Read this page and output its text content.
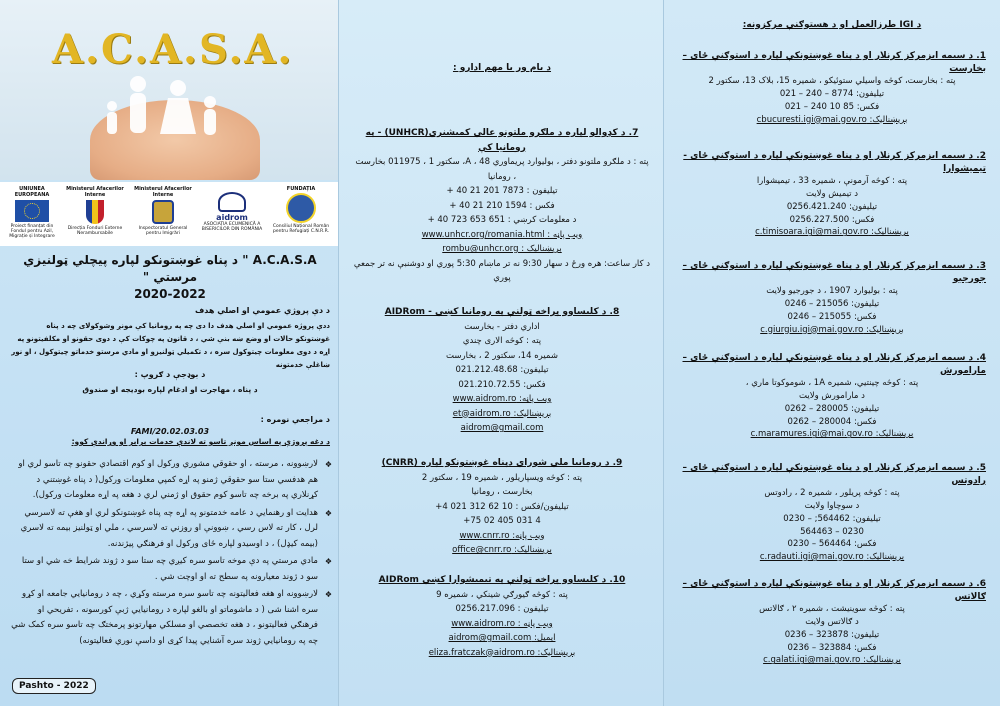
A.C.A.S.A.
UNIUNEA EUROPEANA
Proiect finanțat din Fondul pentru Azil, Migrație și Integrare
Ministerul Afacerilor Interne
Direcția Fonduri Externe Nerambursabile
Ministerul Afacerilor Interne
Inspectoratul General pentru Imigrări
aidrom
ASOCIAȚIA ECUMENICĂ A BISERICILOR DIN ROMÂNIA
FUNDAȚIA
Consiliul Național Român pentru Refugiați C.N.R.R.
A.C.A.S.A " د پناه غوښتونکو لپاره پیچلي ټولنیزي مرستي "
2020-2022
د دې پروژي عمومي او اصلي هدف
ددې پروژه عمومي او اصلي هدف دا دی چه په رومانیا کې مونږ وشوکولای چه د پناه غوښتونکو حالات او وضع ښه بنې شي ، د قانون په چوکات کې د دوی حقونو او مکلفیتونو په اړه د دوی معلومات چیتوکول سره ، د تکمیلي ټولنیزو او مادي مرستو خدماتو چیتوکول ، او نور ښاغلې خدمتونه
د بوډجې د ګروپ :
د پناه ، مهاجرت او ادغام لپاره بودیجه او صندوق
د مراجعي نومره :
FAMI/20.02.03.03
د دغه پروژې په اساس مونږ تاسو ته لاندې خدمات برابر او وړاندې کوو:
❖ لارښوونه ، مرسته ، او حقوقي مشوري ورکول او کوم اقتصادي حقونو چه تاسو لري او هم هدفسي ستا سو حقوقي ژمنو په اړه کمپي معلومات ورکول( د پناه غوښتني د کړنلاري په برخه چه تاسو کوم حقوق او ژمني لري د هغه په اړه معلومات ورکول).
❖ هدایت او رهنمایي د عامه خدمتونو په اړه چه پناه غوښتونکو لري او هغې ته لاسرسي لرل ، کار ته لاس رسي ، ښوونې او روزني ته لاسرسي ، ملي او ټولنیز بیمه ته لاسري (بیمه کیډل) ، د اوسیدو لپاره ځای ورکول او فرهنګي پیژندنه.
❖ مادي مرستي په دې موخه تاسو سره کیږي چه ستا سو د ژوند شرایط خه شي او ستا سو د ژوند معیارونه په سطح ته او اوچت شي .
❖ لارښوونه او هغه فعالیتونه چه تاسو سره مرسته وکړي ، چه د رومانیایي جامعه او کړو سره اشنا شی ( د ماشوماتو او بالغو لپاره د رومانیایي ژبې کورسونه ، تفریحي او فرهنګي فعالیتونو ، د هغه تخصصي او مسلکي مهارتونو پرمختګ چه تاسو سره کمک شي چه په رومانیایي ژوند سره آشنایي پیدا کړی او داسې نوري فعالیتونه)
Pashto - 2022
د یام ور یا مهم ادارو :
7. د کډوالو لپاره د ملګرو ملتونو عالي کمیشنري(UNHCR) - په رومانیا کې
پته : د ملګرو ملتونو دفتر ، بولیوارد پریماوري 48 ، A، سکتور 1 ، 011975 بخارست ، رومانیا
تیلیفون : 7873 201 21 40 +
فکس : 1594 210 21 40 +
د معلومات کرښي : 651 653 723 40 +
ویب پاڼه : www.unhcr.org/romania.html
بریښنالیک : rombu@unhcr.org
د کار ساعت: هره ورځ د سهار 9:30 نه تر ماښام 5:30 پوري او دوشنبې نه تر جمعې پوري
8. د کلیساوو پراخه ټولنې په رومانیا کښي - AIDRom
اداري دفتر - بخارست
پته : کوڅه الاری چندي
شمیره 14، سکتور 2 ، بخارست
تیلیفون: 021.212.48.68
فکس: 021.210.72.55
ویب پاڼه: www.aidrom.ro
بریښنالیک: et@aidrom.ro
aidrom@gmail.com
9. د رومانیا ملي شوراي دپناه غوښتونکو لپاره (CNRR)
پته : کوڅه ویسپاریلور ، شمیره 19 ، سکتور 2
بخارست ، رومانیا
تیلیفون/فکس : 10 62 312 021 4+
4 031 405 02 75+
ویب پاڼه: www.cnrr.ro
بریښنالیک: office@cnrr.ro
10. د کلیساوو پراخه ټولنې په تیمیشوارا کښي AIDRom
پته : کوڅه ګیورګي شینکي ، شمیره 9
تیلیفون : 0256.217.096
ویب پاڼه : www.aidrom.ro
ایمیل: aidrom@gmail.com
بریښنالیک: eliza.fratczak@aidrom.ro
د IGI طرزالعمل او د هستوګنې مرکزونه:
1. د سیمه ایزمرکز کرنلار او د پناه غوښتونکې لپاره د استوګنې ځای – بخارست
پته : بخارست، کوڅه واسیلي ستوئیکو ، شمیره 15، بلاک 13، سکتور 2
تیلیفون: 8774 – 240 – 021
فکس: 85 10 240 – 021
بریښنالیک: cbucuresti.igi@mai.gov.ro
2. د سیمه ایزمرکز کرنلار او د پناه غوښتونکې لپاره د استوګنې ځای - تیمیشوارا
پته : کوڅه آرمونې ، شمیره 33 ، تیمیشوارا
د تیمیش ولایت
تیلیفون: 0256.421.240
فکس: 0256.227.500
بریښنالیک: c.timisoara.igi@mai.gov.ro
3. د سیمه ایزمرکز کرنلار او د پناه غوښتونکې لپاره د استوګنې ځای – جورجیو
پته : بولیوارد 1907 ، د جورجیو ولایت
تیلیفون: 215056 – 0246
فکس: 215055 – 0246
بریښنالیک: c.giurgiu.igi@mai.gov.ro
4. د سیمه ایزمرکز کرنلار او د پناه غوښتونکې لپاره د استوګنې ځای – مارامورش
پته : کوڅه چینتیي، شمیره 1A ، شوموکوتا ماري ،
د مارامورش ولایت
تیلیفون: 280005 – 0262
فکس: 280004 – 0262
بریښنالیک: c.maramures.igi@mai.gov.ro
5. د سیمه ایزمرکز کرنلار او د پناه غوښتونکې لپاره د استوګنې ځای – رادوتس
پته : کوڅه پریلور ، شمیره 2 ، رادوتس
د سوچاوا ولایت
تیلیفون: 564462; – 0230
0230 – 564463
فکس: 564464 – 0230
بریښنالیک: c.radauti.igi@mai.gov.ro
6. د سیمه ایزمرکز کرنلار او د پناه غوښتونکې لپاره د استوګنې ځای – ګالاتس
پته : کوڅه سوینیشت ، شمیره ۲ ، ګالاتس
د ګالاتس ولایت
تیلیفون: 323878 – 0236
فکس: 323884 – 0236
بریښنالیک: c.galati.igi@mai.gov.ro
